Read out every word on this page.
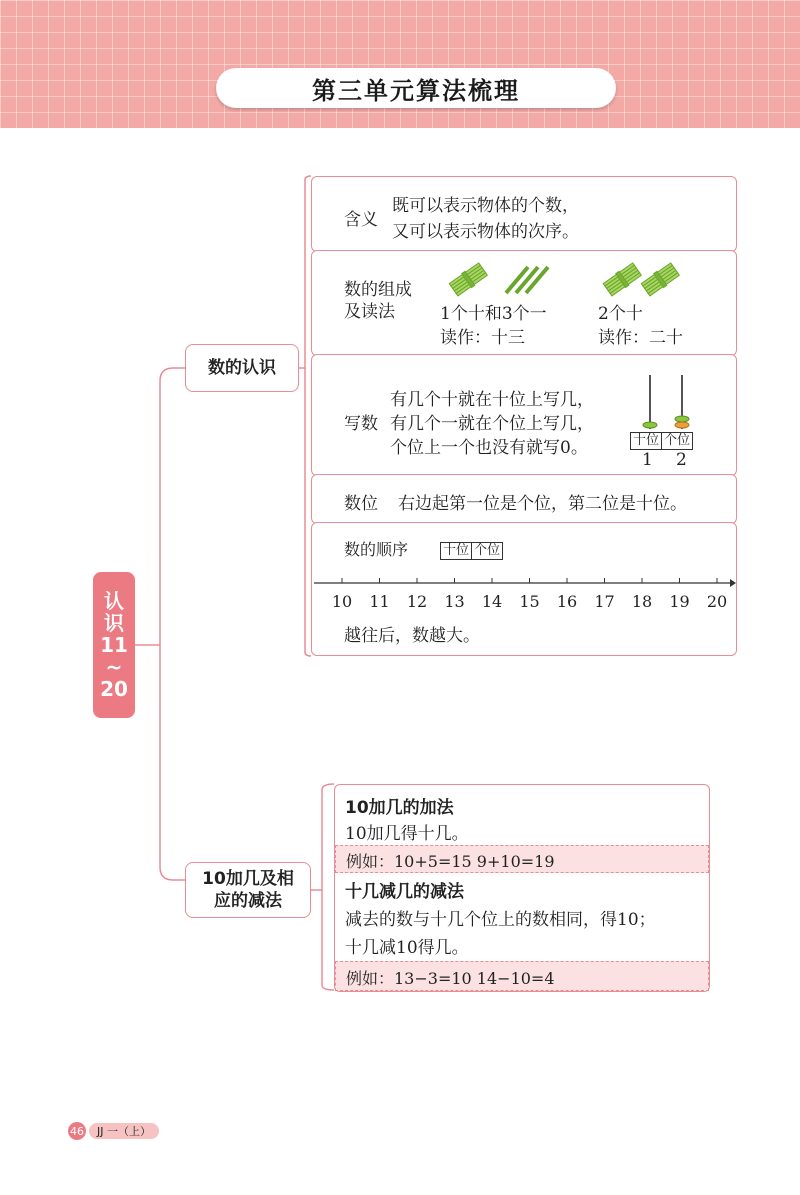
第三单元算法梳理
认
识
11
~
20
数的认识
10加几及相
应的减法
含义
既可以表示物体的个数，
又可以表示物体的次序。
数的组成
及读法	1个十和3个一
读作：十三
2个十
读作：二十
写数
有几个十就在十位上写几，
有几个一就在个位上写几，
个位上一个也没有就写0。	十位 个位
1 2
数位 右边起第一位是个位，第二位是十位。
数的顺序	十位 个位
10 11 12 13 14 15 16 17 18 19 20
越往后，数越大。
10加几的加法
10加几得十几。
例如：10+5=15 9+10=19
十几减几的减法
减去的数与十几个位上的数相同，得10；
十几减10得几。
例如：13−3=10 14−10=4
46	JJ 一（上）
